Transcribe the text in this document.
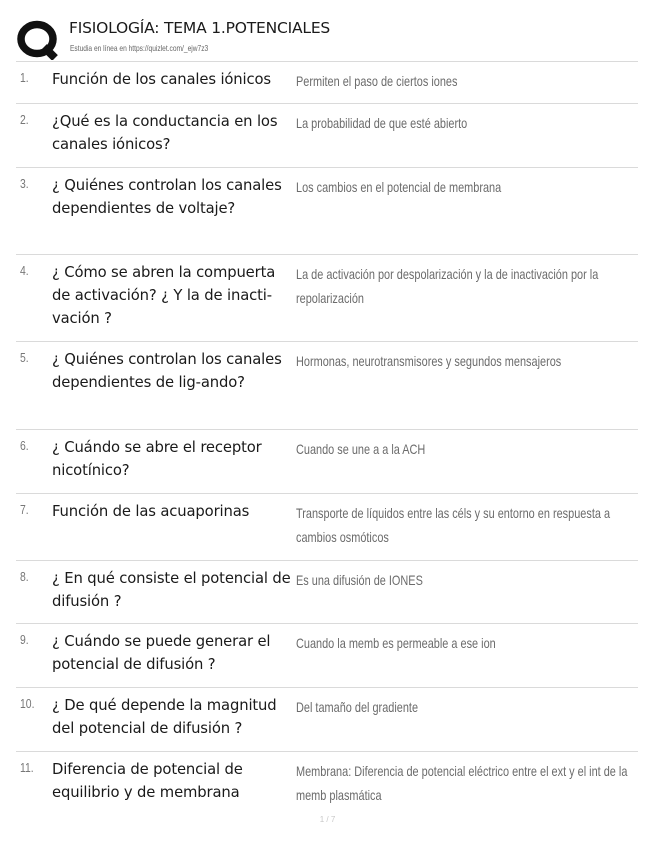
FISIOLOGÍA: TEMA 1.POTENCIALES
Estudia en línea en https://quizlet.com/_ejw7z3
1. Función de los canales iónicos	Permiten el paso de ciertos iones
2. ¿Qué es la conductancia en los canales iónicos?
La probabilidad de que esté abierto
3. ¿ Quiénes controlan los canales dependientes de voltaje?
Los cambios en el potencial de membrana
4. ¿ Cómo se abren la compuerta de activación? ¿ Y la de inacti-vación ?
La de activación por despolarización y la de inactivación por la repolarización
5. ¿ Quiénes controlan los canales dependientes de lig-ando?
Hormonas, neurotransmisores y segundos mensajeros
6. ¿ Cuándo se abre el receptor nicotínico?
Cuando se une a a la ACH
7. Función de las acuaporinas	Transporte de líquidos entre las céls y su entorno en respuesta a cambios osmóticos
8. ¿ En qué consiste el potencial de difusión ?
Es una difusión de IONES
9. ¿ Cuándo se puede generar el potencial de difusión ?
Cuando la memb es permeable a ese ion
10. ¿ De qué depende la magnitud del potencial de difusión ?
Del tamaño del gradiente
11. Diferencia de potencial de equilibrio y de membrana
Membrana: Diferencia de potencial eléctrico entre el ext y el int de la memb plasmática
1 / 7
